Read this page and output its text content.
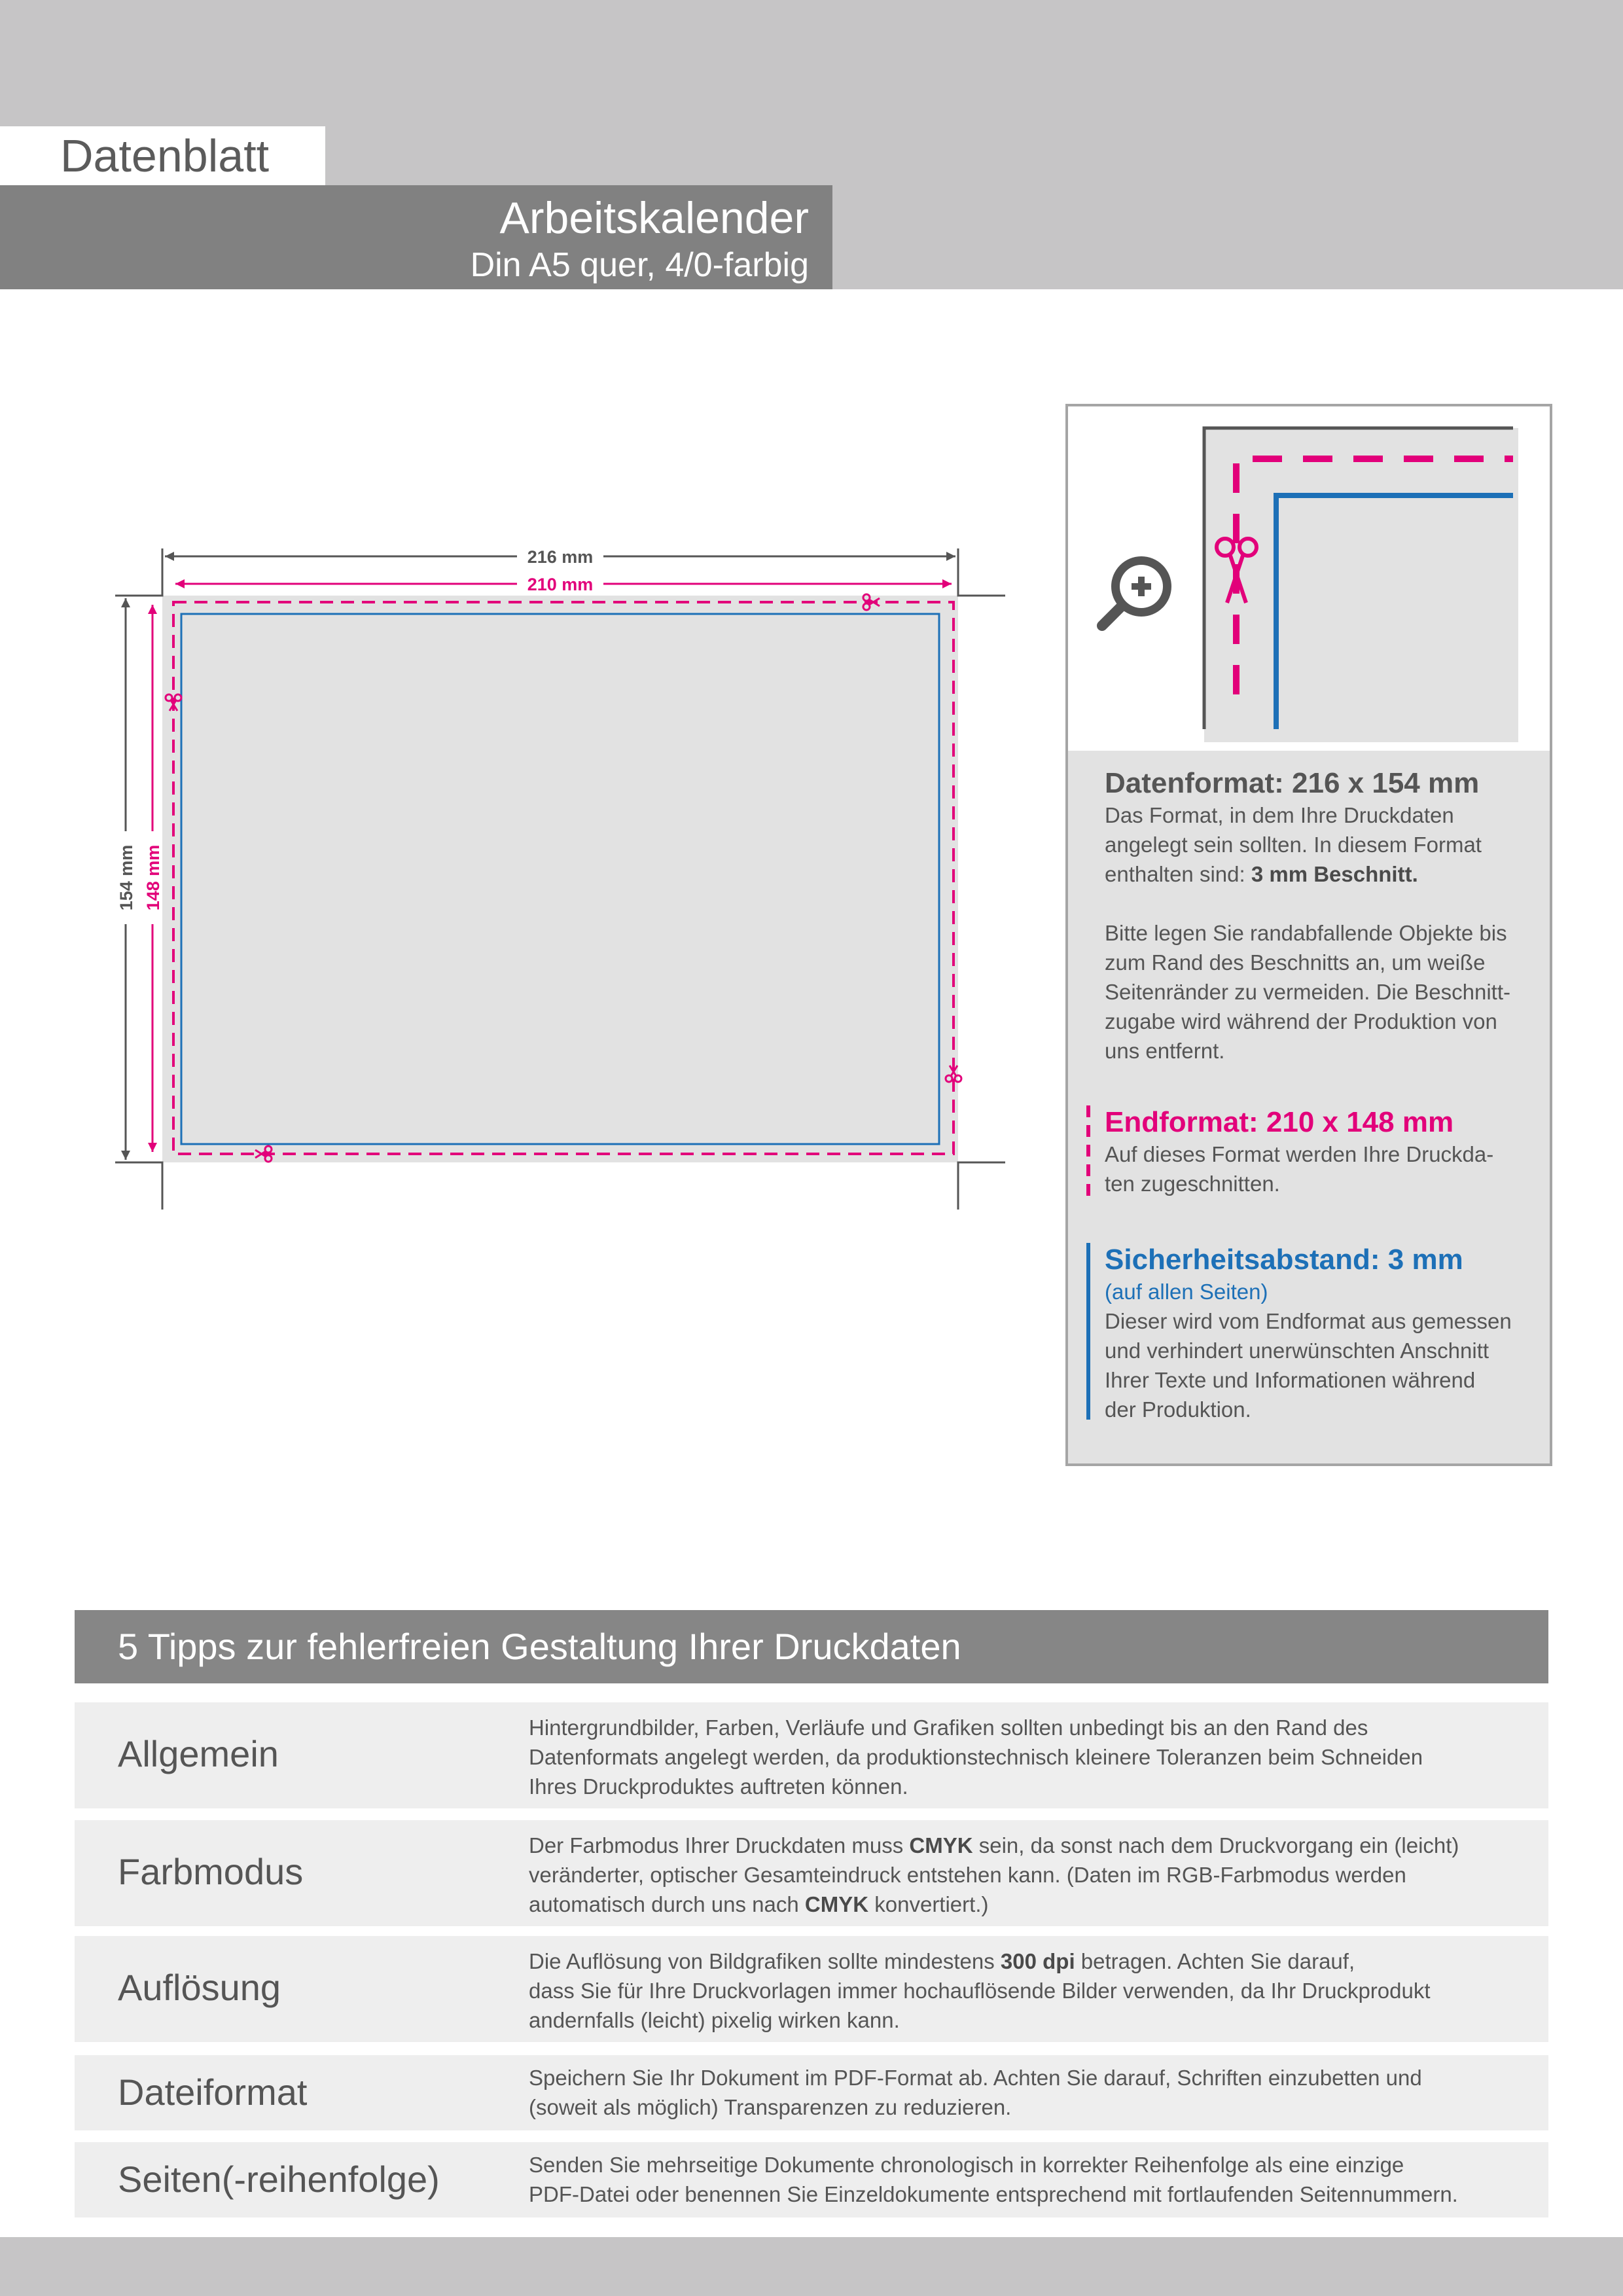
Datenblatt
Arbeitskalender
Din A5 quer, 4/0-farbig
216 mm
210 mm
154 mm 148 mm
Datenformat: 216 x 154 mm
Das Format, in dem Ihre Druckdaten
angelegt sein sollten. In diesem Format
enthalten sind: 3 mm Beschnitt.
Bitte legen Sie randabfallende Objekte bis
zum Rand des Beschnitts an, um weiße
Seitenränder zu vermeiden. Die Beschnitt-
zugabe wird während der Produktion von
uns entfernt.
Endformat: 210 x 148 mm
Auf dieses Format werden Ihre Druckda-
ten zugeschnitten.
Sicherheitsabstand: 3 mm
(auf allen Seiten)
Dieser wird vom Endformat aus gemessen
und verhindert unerwünschten Anschnitt
Ihrer Texte und Informationen während
der Produktion.
5 Tipps zur fehlerfreien Gestaltung Ihrer Druckdaten
Allgemein
Hintergrundbilder, Farben, Verläufe und Grafiken sollten unbedingt bis an den Rand des
Datenformats angelegt werden, da produktionstechnisch kleinere Toleranzen beim Schneiden
Ihres Druckproduktes auftreten können.
Farbmodus
Der Farbmodus Ihrer Druckdaten muss CMYK sein, da sonst nach dem Druckvorgang ein (leicht)
veränderter, optischer Gesamteindruck entstehen kann. (Daten im RGB-Farbmodus werden
automatisch durch uns nach CMYK konvertiert.)
Auflösung
Die Auflösung von Bildgrafiken sollte mindestens 300 dpi betragen. Achten Sie darauf,
dass Sie für Ihre Druckvorlagen immer hochauflösende Bilder verwenden, da Ihr Druckprodukt
andernfalls (leicht) pixelig wirken kann.
Dateiformat	Speichern Sie Ihr Dokument im PDF-Format ab. Achten Sie darauf, Schriften einzubetten und
(soweit als möglich) Transparenzen zu reduzieren.
Seiten(-reihenfolge)	Senden Sie mehrseitige Dokumente chronologisch in korrekter Reihenfolge als eine einzige
PDF-Datei oder benennen Sie Einzeldokumente entsprechend mit fortlaufenden Seitennummern.
